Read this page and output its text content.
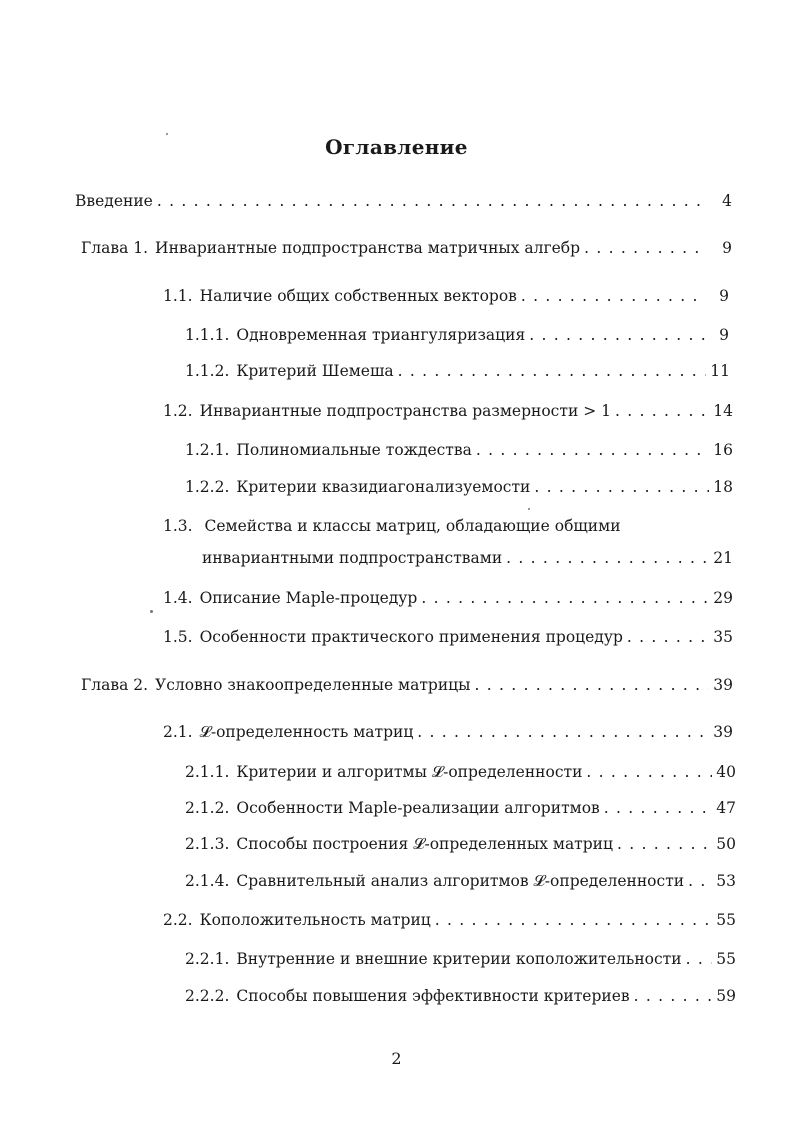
Оглавление
Введение . . .	4
Глава 1. Инвариантные подпространства матричных алгебр . . .	9
1.1. Наличие общих собственных векторов . . .	9
1.1.1. Одновременная триангуляризация . . .	9
1.1.2. Критерий Шемеша . . .	11
1.2. Инвариантные подпространства размерности > 1 . . .	14
1.2.1. Полиномиальные тождества . . .	16
1.2.2. Критерии квазидиагонализуемости . . .	18
1.3. Семейства и классы матриц, обладающие общими
инвариантными подпространствами . . .	21
1.4. Описание Maple-процедур . . .	29
1.5. Особенности практического применения процедур . . .	35
Глава 2. Условно знакоопределенные матрицы . . .	39
2.1. 𝓛-определенность матриц . . .	39
2.1.1. Критерии и алгоритмы 𝓛-определенности . . .	40
2.1.2. Особенности Maple-реализации алгоритмов . . .	47
2.1.3. Способы построения 𝓛-определенных матриц . . .	50
2.1.4. Сравнительный анализ алгоритмов 𝓛-определенности . . . 53
2.2. Коположительность матриц . . .	55
2.2.1. Внутренние и внешние критерии коположительности . . . 55
2.2.2. Способы повышения эффективности критериев . . .	59
2
